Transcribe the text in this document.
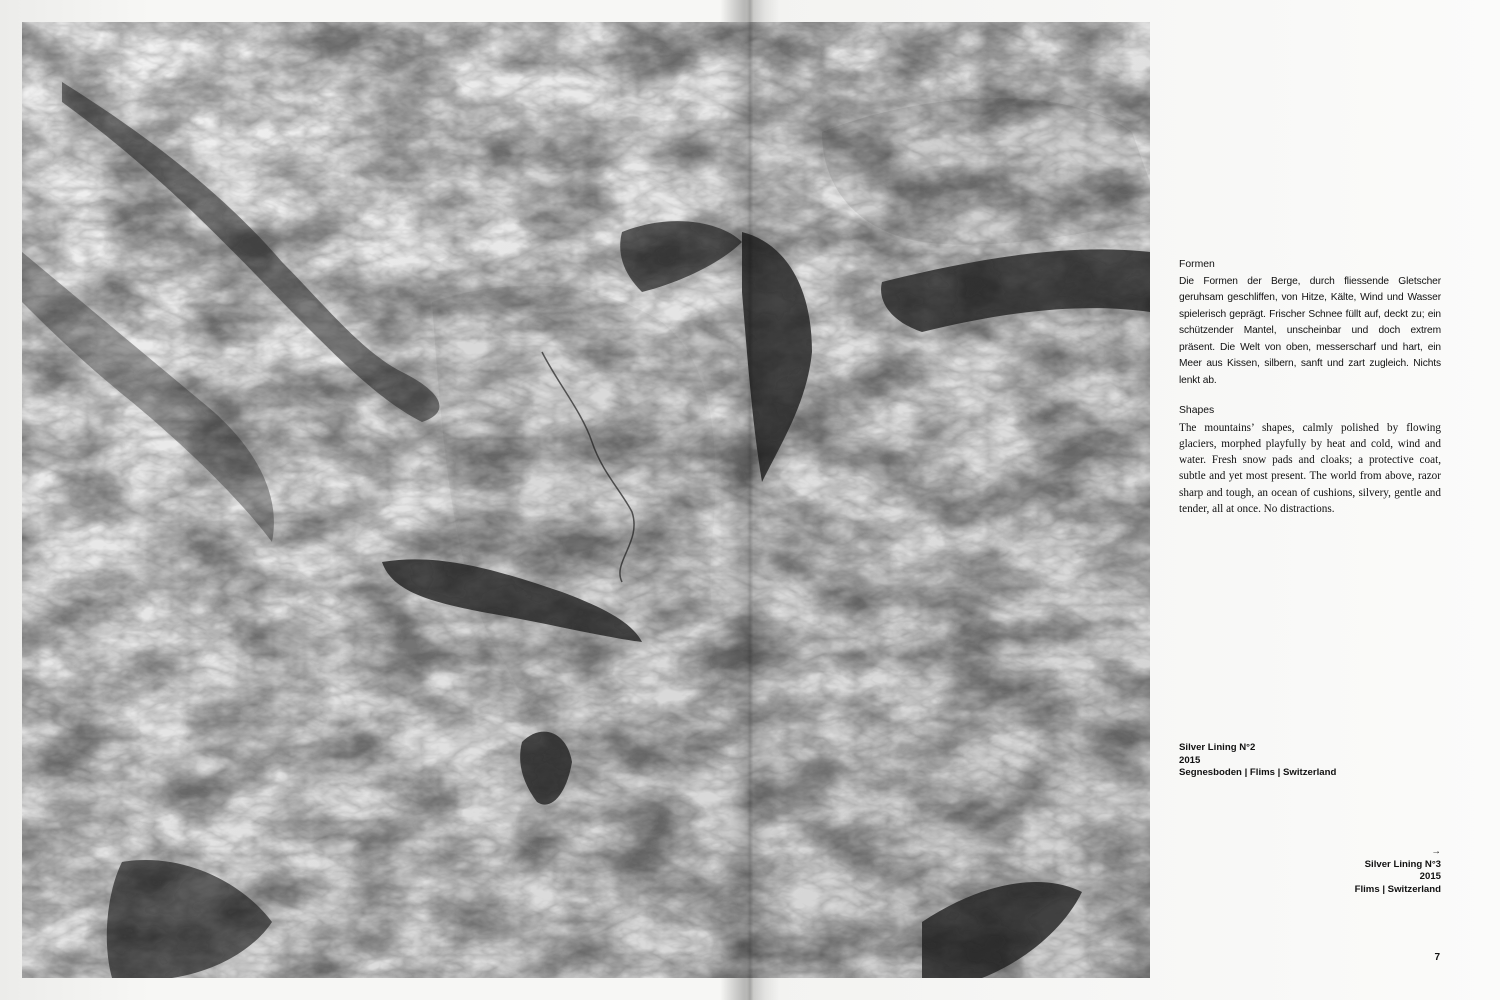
Formen

Die Formen der Berge, durch fliessende Gletscher geruhsam geschliffen, von Hitze, Kälte, Wind und Wasser spielerisch geprägt. Frischer Schnee füllt auf, deckt zu; ein schützender Mantel, unscheinbar und doch extrem präsent. Die Welt von oben, messerscharf und hart, ein Meer aus Kissen, silbern, sanft und zart zugleich. Nichts lenkt ab.

Shapes

The mountains’ shapes, calmly polished by flowing glaciers, morphed playfully by heat and cold, wind and water. Fresh snow pads and cloaks; a protective coat, subtle and yet most present. The world from above, razor sharp and tough, an ocean of cushions, silvery, gentle and tender, all at once. No distractions.

Silver Lining N°2
2015
Segnesboden | Flims | Switzerland
→
Silver Lining N°3
2015
Flims | Switzerland
7
